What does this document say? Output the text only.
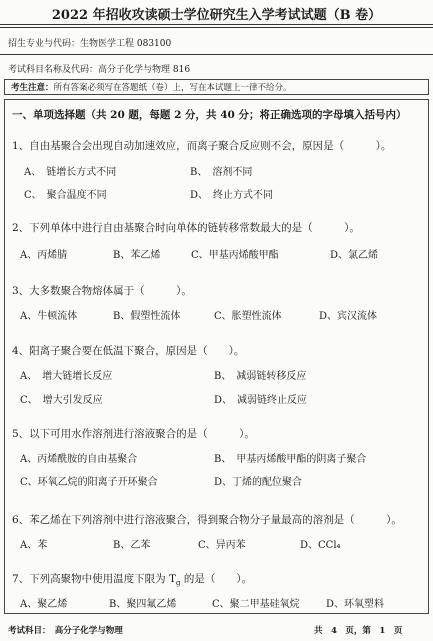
2022 年招收攻读硕士学位研究生入学考试试题（B 卷）
招生专业与代码：生物医学工程 083100
考试科目名称及代码：高分子化学与物理 816
考生注意：所有答案必须写在答题纸（卷）上，写在本试题上一律不给分。
一、单项选择题（共 20 题，每题 2 分，共 40 分；将正确选项的字母填入括号内）
1、自由基聚合会出现自动加速效应，而离子聚合反应则不会，原因是（　　　）。
A、　链增长方式不同	B、　溶剂不同
C、　聚合温度不同	D、　终止方式不同
2、下列单体中进行自由基聚合时向单体的链转移常数最大的是（　　　）。
A、丙烯腈	B、苯乙烯	C、甲基丙烯酸甲酯	D、氯乙烯
3、大多数聚合物熔体属于（　　　）。
A、牛顿流体	B、假塑性流体	C、胀塑性流体	D、宾汉流体
4、阳离子聚合要在低温下聚合，原因是（　　）。
A、　增大链增长反应	B、　减弱链转移反应
C、　增大引发反应	D、　减弱链终止反应
5、以下可用水作溶剂进行溶液聚合的是（　　　）。
A、丙烯酰胺的自由基聚合	B、　甲基丙烯酸甲酯的阴离子聚合
C、环氧乙烷的阳离子开环聚合	D、丁烯的配位聚合
6、苯乙烯在下列溶剂中进行溶液聚合，得到聚合物分子量最高的溶剂是（　　　）。
A、苯	B、乙苯	C、异丙苯	D、CCl₄
7、下列高聚物中使用温度下限为 $T_g$ 的是（　　）。
A、聚乙烯	B、聚四氟乙烯	C、聚二甲基硅氧烷	D、环氧塑料
考试科目：　高分子化学与物理	共　4　页，第　1　页
